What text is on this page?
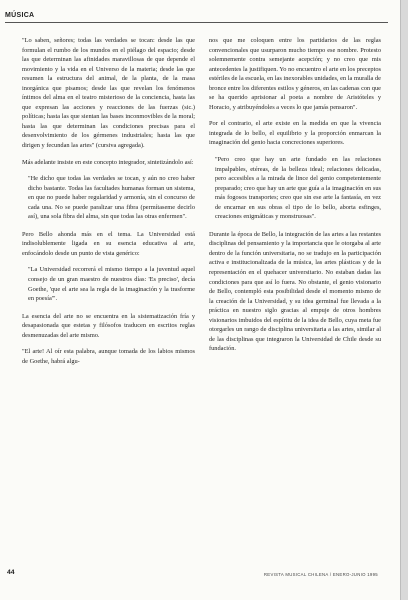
MÚSICA

"Lo saben, señores; todas las verdades se tocan: desde las que formulan el rumbo de los mundos en el piélago del espacio; desde las que determinan las afinidades maravillosas de que depende el movimiento y la vida en el Universo de la materia; desde las que resumen la estructura del animal, de la planta, de la masa inorgánica que pisamos; desde las que revelan los fenómenos íntimos del alma en el teatro misterioso de la conciencia, hasta las que expresan las acciones y reacciones de las fuerzas (sic.) políticas; hasta las que sientan las bases inconmovibles de la moral; hasta las que determinan las condiciones precisas para el desenvolvimiento de los gérmenes industriales; hasta las que dirigen y fecundan las artes" (cursiva agregada).

Más adelante insiste en este concepto integrador, sintetizándolo así:

"He dicho que todas las verdades se tocan, y aún no creo haber dicho bastante. Todas las facultades humanas forman un sistema, en que no puede haber regularidad y armonía, sin el concurso de cada una. No se puede paralizar una fibra (permítaseme decirlo así), una sola fibra del alma, sin que todas las otras enfermen".

Pero Bello ahonda más en el tema. La Universidad está indisolublemente ligada en su esencia educativa al arte, enfocándolo desde un punto de vista genérico:

"La Universidad recorrerá el mismo tiempo a la juventud aquel consejo de un gran maestro de nuestros días: 'Es preciso', decía Goethe, 'que el arte sea la regla de la imaginación y la trasforme en poesía'".

La esencia del arte no se encuentra en la sistematización fría y desapasionada que estetas y filósofos traducen en escritos reglas desmenuzadas del arte mismo.

"El arte! Al oír esta palabra, aunque tomada de los labios mismos de Goethe, habrá algu-

nos que me coloquen entre los partidarios de las reglas convencionales que usurparon mucho tiempo ese nombre. Protesto solemnemente contra semejante acepción; y no creo que mis antecedentes la justifiquen. Yo no encuentro el arte en los preceptos estériles de la escuela, en las inexorables unidades, en la muralla de bronce entre los diferentes estilos y géneros, en las cadenas con que se ha querido aprisionar al poeta a nombre de Aristóteles y Horacio, y atribuyéndoles a veces lo que jamás pensaron".

Por el contrario, el arte existe en la medida en que la vivencia integrada de lo bello, el equilibrio y la proporción enmarcan la imaginación del genio hacia concreciones superiores.

"Pero creo que hay un arte fundado en las relaciones impalpables, etéreas, de la belleza ideal; relaciones delicadas, pero accesibles a la mirada de lince del genio competentemente preparado; creo que hay un arte que guía a la imaginación en sus más fogosos transportes; creo que sin ese arte la fantasía, en vez de encarnar en sus obras el tipo de lo bello, aborta esfinges, creaciones enigmáticas y monstruosas".

Durante la época de Bello, la integración de las artes a las restantes disciplinas del pensamiento y la importancia que le otorgaba al arte dentro de la función universitaria, no se tradujo en la participación activa e institucionalizada de la música, las artes plásticas y de la representación en el quehacer universitario. No estaban dadas las condiciones para que así lo fuera. No obstante, el genio visionario de Bello, contempló esta posibilidad desde el momento mismo de la creación de la Universidad, y su idea germinal fue llevada a la práctica en nuestro siglo gracias al empuje de otros hombres visionarios imbuidos del espíritu de la idea de Bello, cuya meta fue otorgarles un rango de disciplina universitaria a las artes, similar al de las disciplinas que integraron la Universidad de Chile desde su fundación.

44	REVISTA MUSICAL CHILENA / ENERO-JUNIO 1995
